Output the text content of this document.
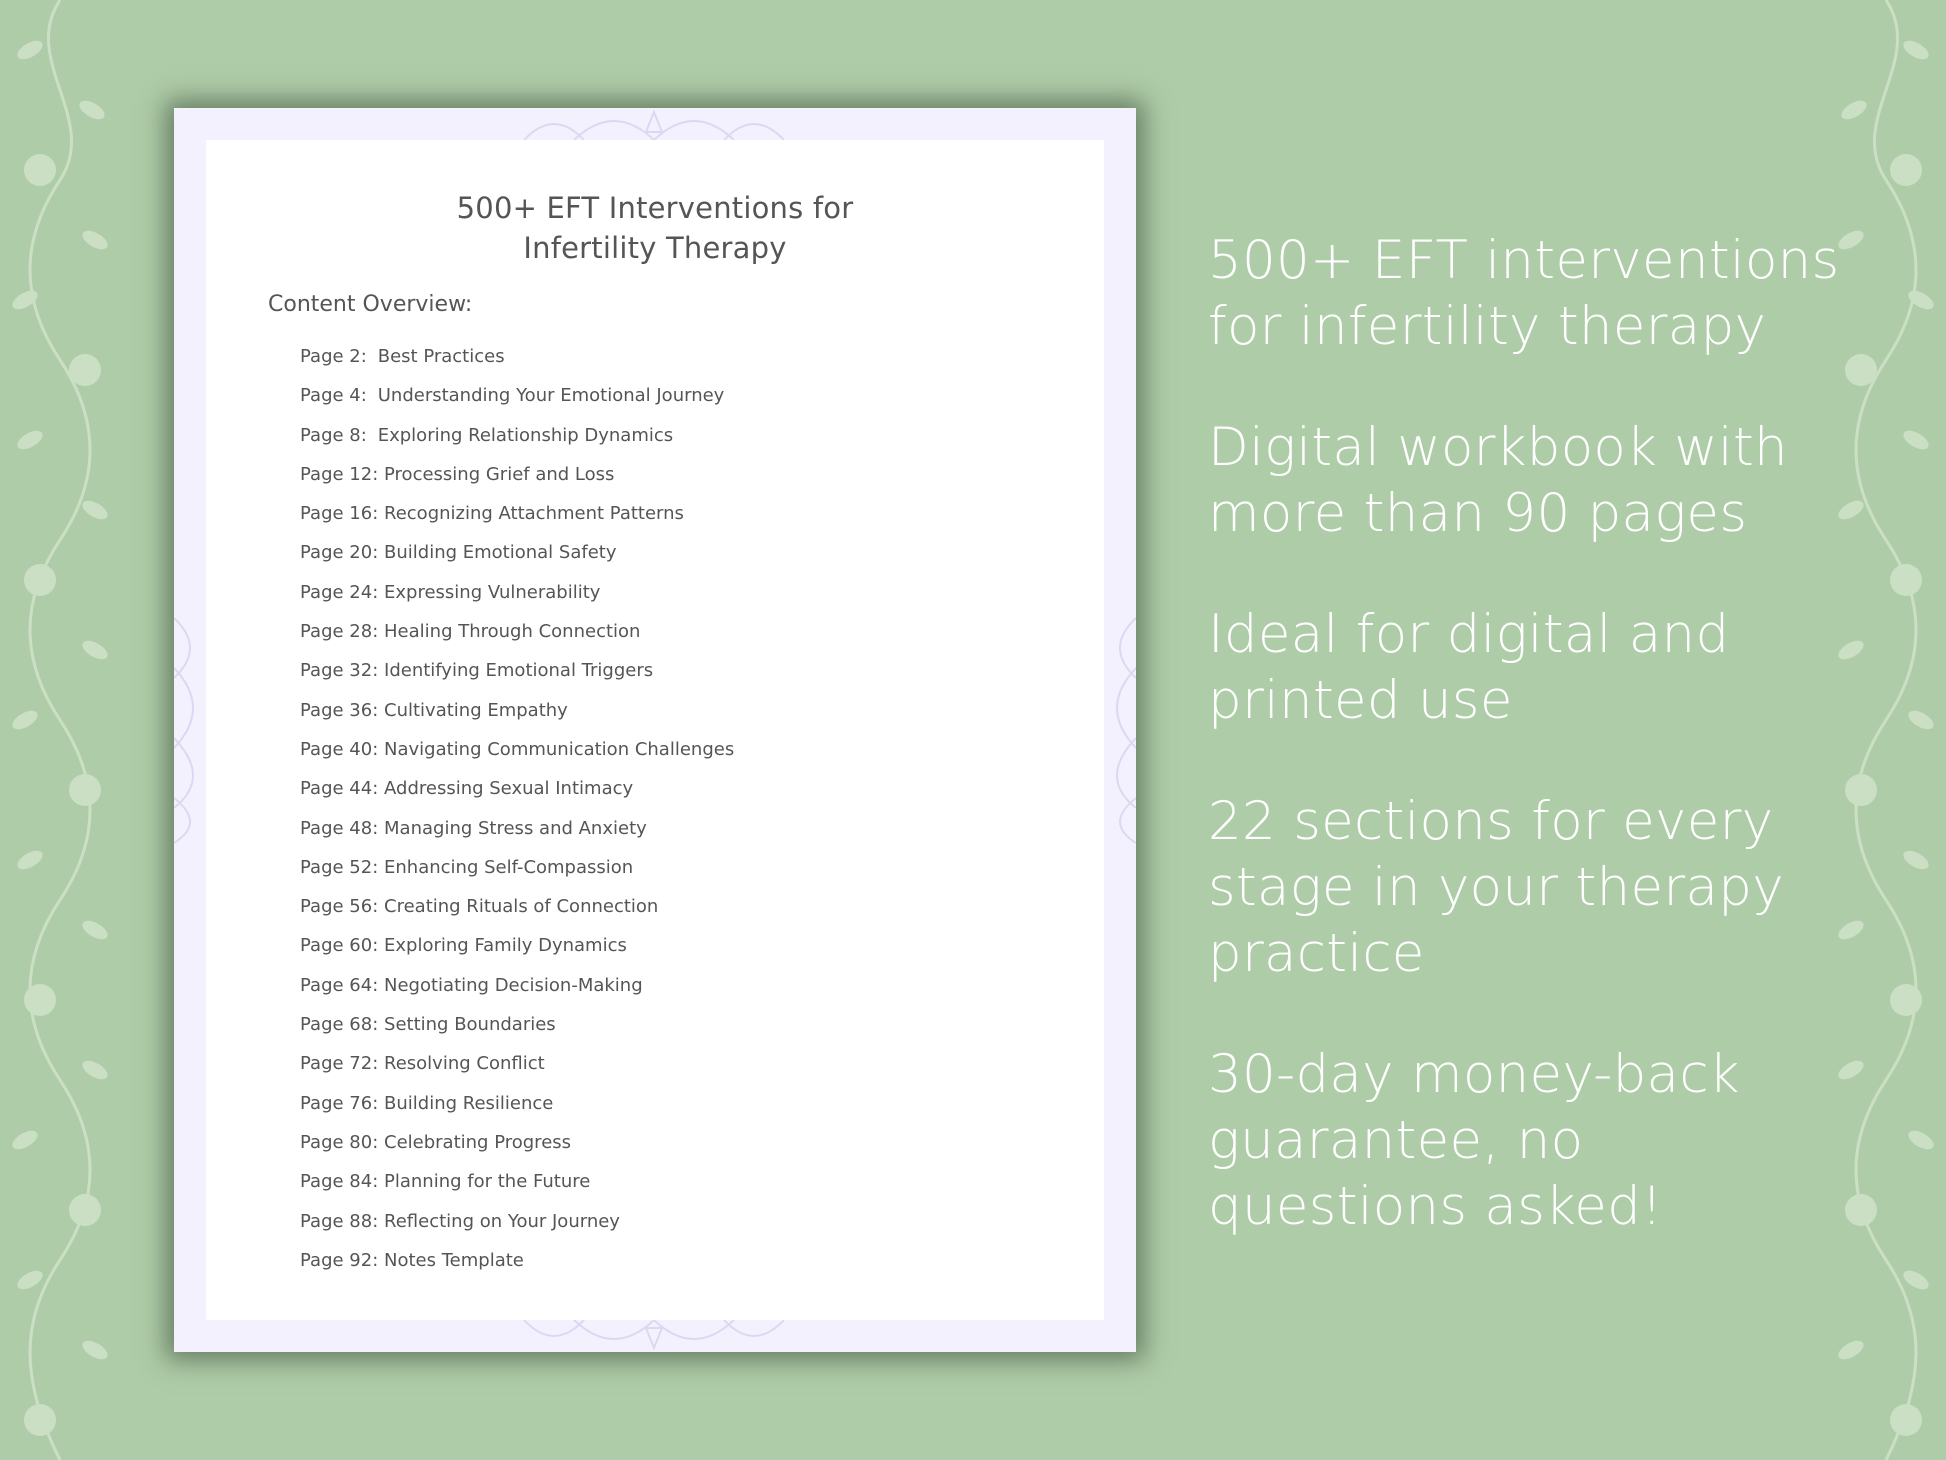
500+ EFT Interventions for
Infertility Therapy
Content Overview:
Page 2: Best Practices
Page 4: Understanding Your Emotional Journey
Page 8: Exploring Relationship Dynamics
Page 12: Processing Grief and Loss
Page 16: Recognizing Attachment Patterns
Page 20: Building Emotional Safety
Page 24: Expressing Vulnerability
Page 28: Healing Through Connection
Page 32: Identifying Emotional Triggers
Page 36: Cultivating Empathy
Page 40: Navigating Communication Challenges
Page 44: Addressing Sexual Intimacy
Page 48: Managing Stress and Anxiety
Page 52: Enhancing Self-Compassion
Page 56: Creating Rituals of Connection
Page 60: Exploring Family Dynamics
Page 64: Negotiating Decision-Making
Page 68: Setting Boundaries
Page 72: Resolving Conflict
Page 76: Building Resilience
Page 80: Celebrating Progress
Page 84: Planning for the Future
Page 88: Reflecting on Your Journey
Page 92: Notes Template

500+ EFT interventions
for infertility therapy

Digital workbook with
more than 90 pages

Ideal for digital and
printed use

22 sections for every
stage in your therapy
practice

30-day money-back
guarantee, no
questions asked!
